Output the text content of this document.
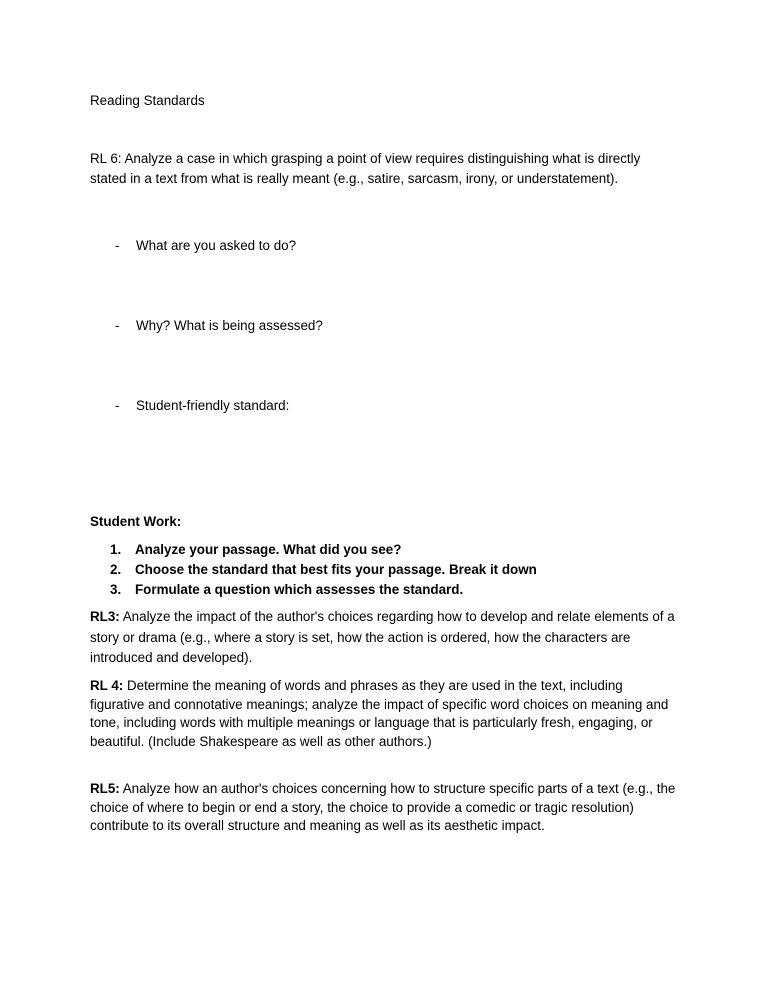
Reading Standards
RL 6: Analyze a case in which grasping a point of view requires distinguishing what is directly stated in a text from what is really meant (e.g., satire, sarcasm, irony, or understatement).
-	What are you asked to do?
-	Why? What is being assessed?
-	Student-friendly standard:
Student Work:
1.	Analyze your passage. What did you see?
2.	Choose the standard that best fits your passage. Break it down
3.	Formulate a question which assesses the standard.
RL3: Analyze the impact of the author's choices regarding how to develop and relate elements of a story or drama (e.g., where a story is set, how the action is ordered, how the characters are introduced and developed).
RL 4: Determine the meaning of words and phrases as they are used in the text, including figurative and connotative meanings; analyze the impact of specific word choices on meaning and tone, including words with multiple meanings or language that is particularly fresh, engaging, or beautiful. (Include Shakespeare as well as other authors.)
RL5: Analyze how an author's choices concerning how to structure specific parts of a text (e.g., the choice of where to begin or end a story, the choice to provide a comedic or tragic resolution) contribute to its overall structure and meaning as well as its aesthetic impact.
